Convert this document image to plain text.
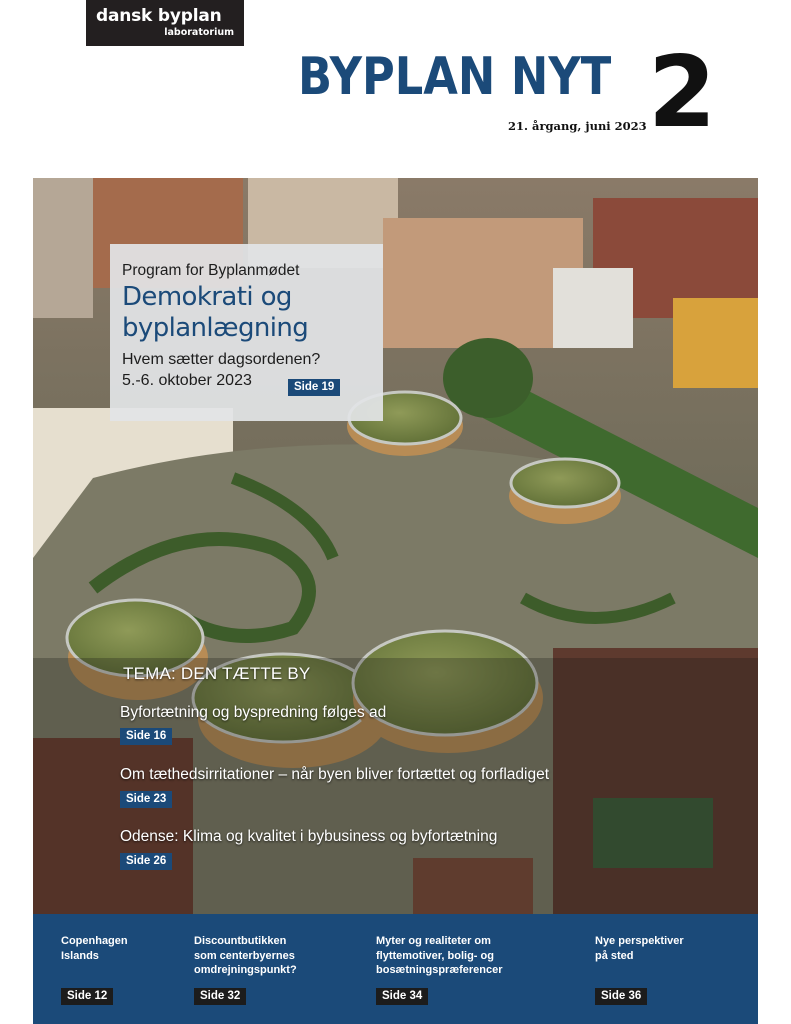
dansk byplan
laboratorium
BYPLAN NYT 2
21. årgang, juni 2023
Program for Byplanmødet
Demokrati og byplanlægning
Hvem sætter dagsordenen?
5.-6. oktober 2023	Side 19
TEMA: DEN TÆTTE BY
Byfortætning og byspredning følges ad
Side 16
Om tæthedsirritationer – når byen bliver fortættet og forfladiget
Side 23
Odense: Klima og kvalitet i bybusiness og byfortætning
Side 26
Copenhagen
Islands
Side 12
Discountbutikken
som centerbyernes
omdrejningspunkt?
Side 32
Myter og realiteter om
flyttemotiver, bolig- og
bosætningspræferencer
Side 34
Nye perspektiver
på sted
Side 36
